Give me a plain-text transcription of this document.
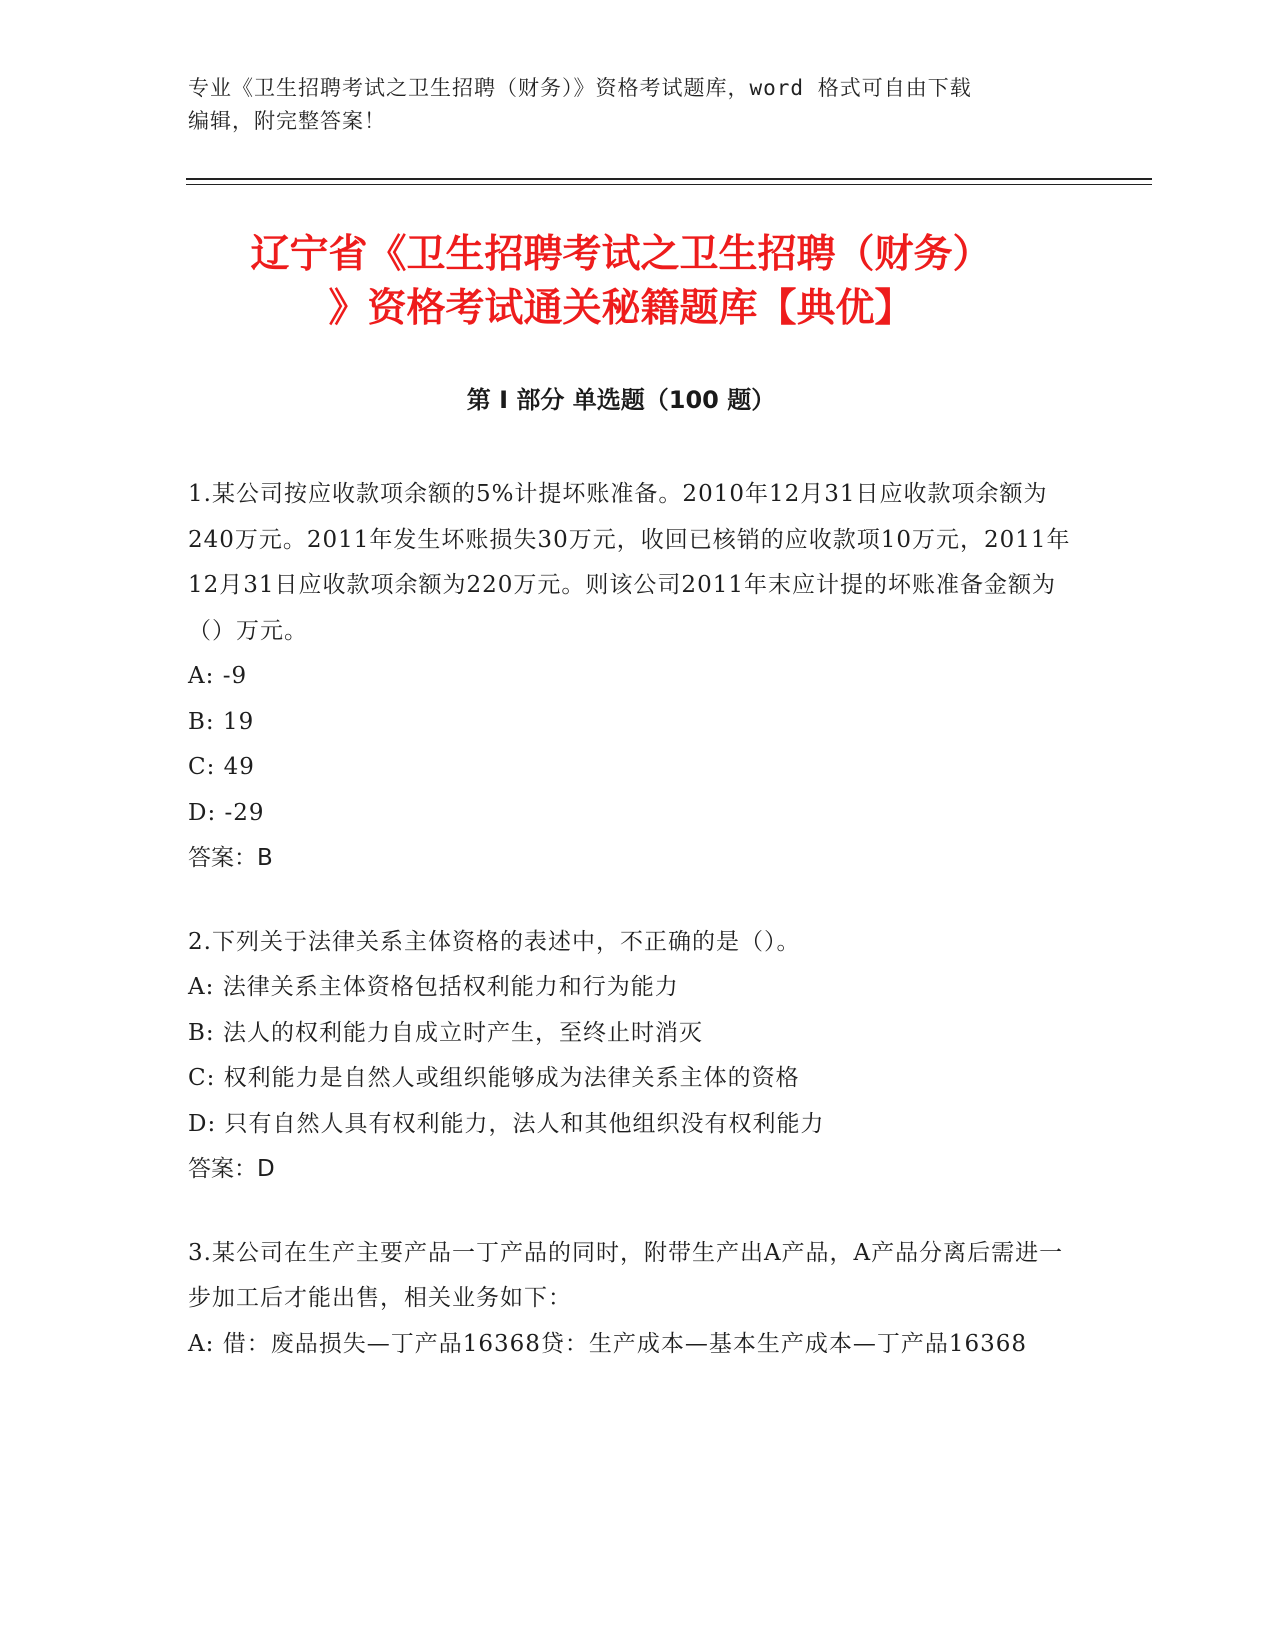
专业《卫生招聘考试之卫生招聘（财务）》资格考试题库，word 格式可自由下载

编辑，附完整答案！

辽宁省《卫生招聘考试之卫生招聘（财务）

》资格考试通关秘籍题库【典优】

第 I 部分 单选题（100 题）

1.某公司按应收款项余额的5%计提坏账准备。2010年12月31日应收款项余额为240万元。2011年发生坏账损失30万元，收回已核销的应收款项10万元，2011年12月31日应收款项余额为220万元。则该公司2011年末应计提的坏账准备金额为（）万元。

A : -9
B : 19
C : 49
D : -29

答案：B

2.下列关于法律关系主体资格的表述中，不正确的是（）。

A : 法律关系主体资格包括权利能力和行为能力
B : 法人的权利能力自成立时产生，至终止时消灭
C : 权利能力是自然人或组织能够成为法律关系主体的资格
D : 只有自然人具有权利能力，法人和其他组织没有权利能力

答案：D

3.某公司在生产主要产品一丁产品的同时，附带生产出A产品，A产品分离后需进一步加工后才能出售，相关业务如下：

A : 借：废品损失—丁产品16368贷：生产成本—基本生产成本—丁产品16368
